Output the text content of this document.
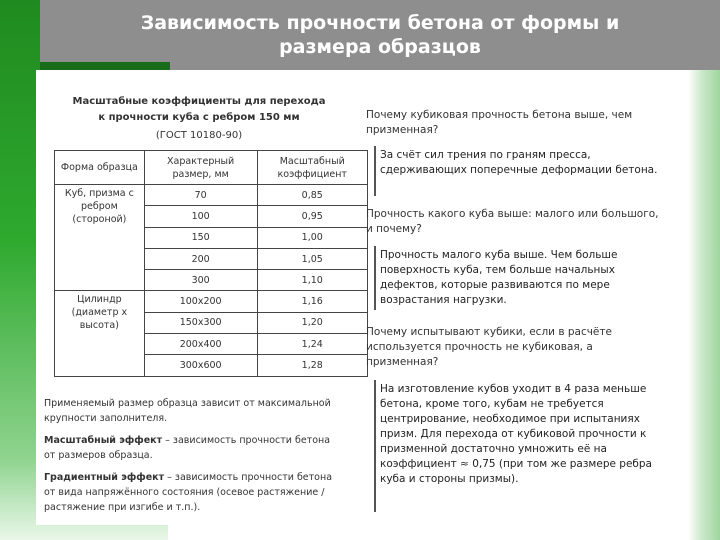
Зависимость прочности бетона от формы и размера образцов
Масштабные коэффициенты для перехода
к прочности куба с ребром 150 мм
(ГОСТ 10180-90)
Форма образца	Характерный размер, мм	Масштабный коэффициент
Куб, призма с ребром (стороной)	70	0,85
	100	0,95
	150	1,00
	200	1,05
	300	1,10
Цилиндр (диаметр х высота)	100x200	1,16
	150x300	1,20
	200x400	1,24
	300x600	1,28

Применяемый размер образца зависит от максимальной крупности заполнителя.

Масштабный эффект – зависимость прочности бетона от размеров образца.

Градиентный эффект – зависимость прочности бетона от вида напряжённого состояния (осевое растяжение / растяжение при изгибе и т.п.).

Почему кубиковая прочность бетона выше, чем призменная?
За счёт сил трения по граням пресса, сдерживающих поперечные деформации бетона.
Прочность какого куба выше: малого или большого, и почему?
Прочность малого куба выше. Чем больше поверхность куба, тем больше начальных дефектов, которые развиваются по мере возрастания нагрузки.
Почему испытывают кубики, если в расчёте используется прочность не кубиковая, а призменная?
На изготовление кубов уходит в 4 раза меньше бетона, кроме того, кубам не требуется центрирование, необходимое при испытаниях призм. Для перехода от кубиковой прочности к призменной достаточно умножить её на коэффициент ≈ 0,75 (при том же размере ребра куба и стороны призмы).
